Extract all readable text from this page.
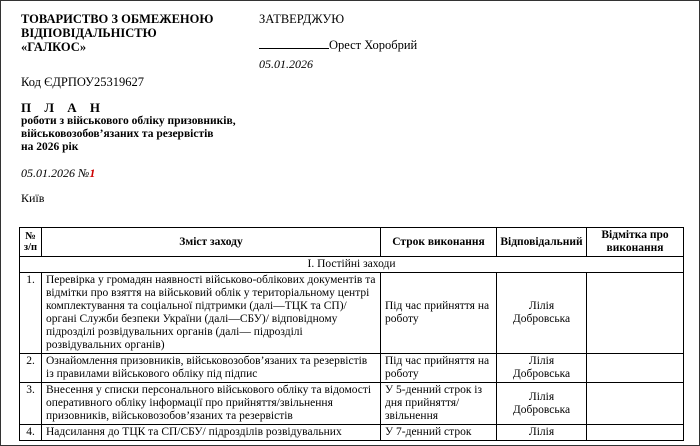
ТОВАРИСТВО З ОБМЕЖЕНОЮ
ВІДПОВІДАЛЬНІСТЮ
«ГАЛКОС»
ЗАТВЕРДЖУЮ
Орест Хоробрий
05.01.2026
Код ЄДРПОУ25319627
П Л А Н
роботи з військового обліку призовників,
військовозобов’язаних та резервістів
на 2026 рік
05.01.2026 №1
Київ
№ з/п	Зміст заходу	Строк виконання	Відповідальний	Відмітка про виконання
І. Постійні заходи				
1.	Перевірка у громадян наявності військово-облікових документів та відмітки про взяття на військовий облік у територіальному центрі комплектування та соціальної підтримки (далі—ТЦК та СП)/органі Служби безпеки України (далі—СБУ)/ відповідному підрозділі розвідувальних органів (далі— підрозділі розвідувальних органів)	Під час прийняття на роботу	Лілія Добровська	
2.	Ознайомлення призовників, військовозобов’язаних та резервістів із правилами військового обліку під підпис	Під час прийняття на роботу	Лілія Добровська	
3.	Внесення у списки персонального військового обліку та відомості оперативного обліку інформації про прийняття/звільнення призовників, військовозобов’язаних та резервістів	У 5-денний строк із дня прийняття/звільнення	Лілія Добровська	
4.	Надсилання до ТЦК та СП/СБУ/ підрозділів розвідувальних	У 7-денний строк	Лілія	
